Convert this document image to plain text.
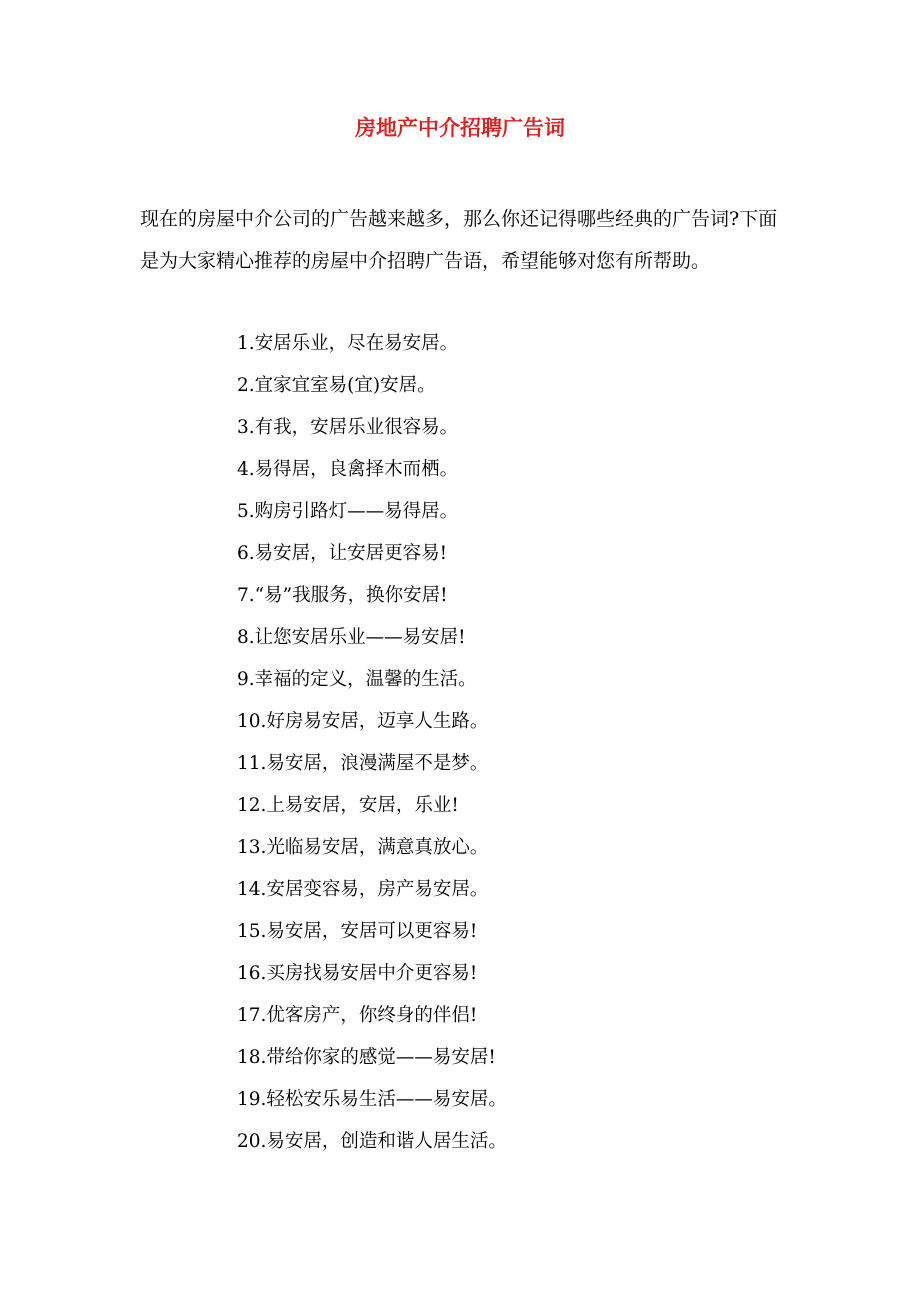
房地产中介招聘广告词

现在的房屋中介公司的广告越来越多，那么你还记得哪些经典的广告词?下面是为大家精心推荐的房屋中介招聘广告语，希望能够对您有所帮助。

1.安居乐业，尽在易安居。
2.宜家宜室易(宜)安居。
3.有我，安居乐业很容易。
4.易得居，良禽择木而栖。
5.购房引路灯——易得居。
6.易安居，让安居更容易!
7.“易”我服务，换你安居!
8.让您安居乐业——易安居!
9.幸福的定义，温馨的生活。
10.好房易安居，迈享人生路。
11.易安居，浪漫满屋不是梦。
12.上易安居，安居，乐业!
13.光临易安居，满意真放心。
14.安居变容易，房产易安居。
15.易安居，安居可以更容易!
16.买房找易安居中介更容易!
17.优客房产，你终身的伴侣!
18.带给你家的感觉——易安居!
19.轻松安乐易生活——易安居。
20.易安居，创造和谐人居生活。
